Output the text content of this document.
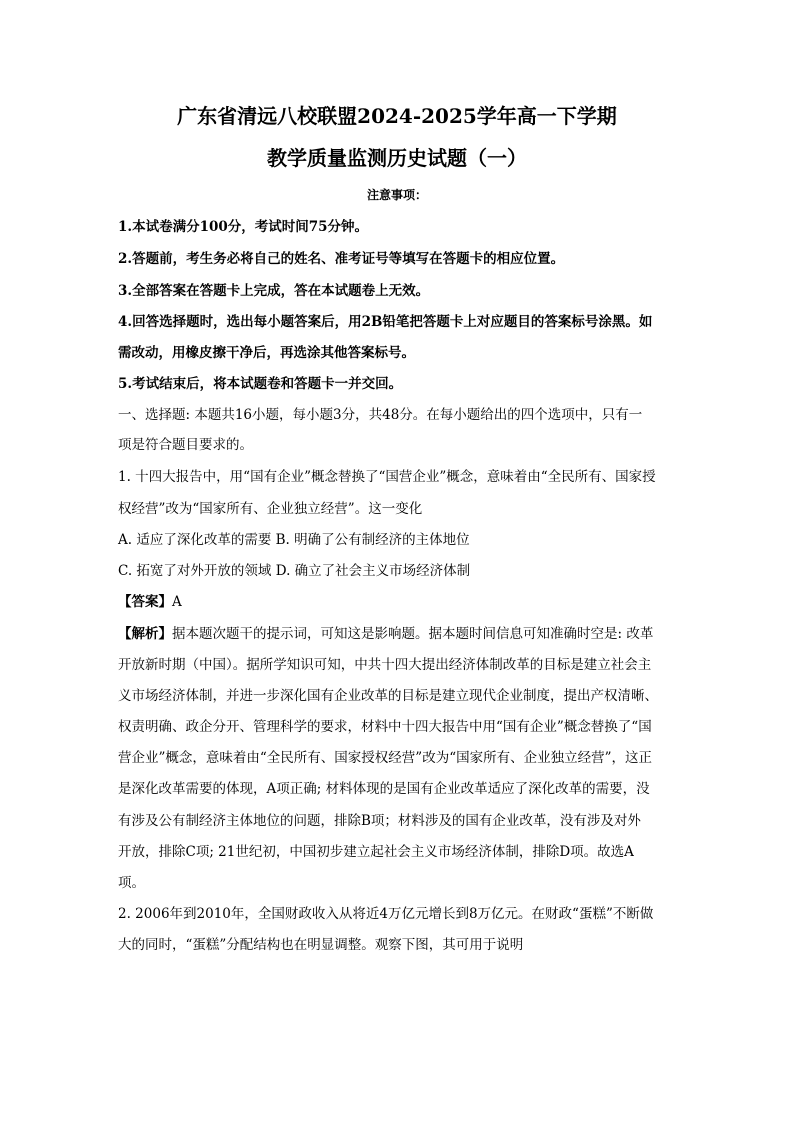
广东省清远八校联盟2024-2025学年高一下学期
教学质量监测历史试题（一）
注意事项：
1.本试卷满分100分，考试时间75分钟。
2.答题前，考生务必将自己的姓名、准考证号等填写在答题卡的相应位置。
3.全部答案在答题卡上完成，答在本试题卷上无效。
4.回答选择题时，选出每小题答案后，用2B铅笔把答题卡上对应题目的答案标号涂黑。如
需改动，用橡皮擦干净后，再选涂其他答案标号。
5.考试结束后，将本试题卷和答题卡一并交回。
一、选择题: 本题共16小题，每小题3分，共48分。在每小题给出的四个选项中，只有一
项是符合题目要求的。
1. 十四大报告中，用“国有企业”概念替换了“国营企业”概念，意味着由“全民所有、国家授
权经营”改为“国家所有、企业独立经营”。这一变化
A. 适应了深化改革的需要 B. 明确了公有制经济的主体地位
C. 拓宽了对外开放的领域 D. 确立了社会主义市场经济体制
【答案】A
【解析】据本题次题干的提示词，可知这是影响题。据本题时间信息可知准确时空是: 改革
开放新时期（中国）。据所学知识可知，中共十四大提出经济体制改革的目标是建立社会主
义市场经济体制，并进一步深化国有企业改革的目标是建立现代企业制度，提出产权清晰、
权责明确、政企分开、管理科学的要求，材料中十四大报告中用“国有企业”概念替换了“国
营企业”概念，意味着由“全民所有、国家授权经营”改为“国家所有、企业独立经营”，这正
是深化改革需要的体现，A项正确; 材料体现的是国有企业改革适应了深化改革的需要，没
有涉及公有制经济主体地位的问题，排除B项；材料涉及的国有企业改革，没有涉及对外
开放，排除C项; 21世纪初，中国初步建立起社会主义市场经济体制，排除D项。故选A
项。
2. 2006年到2010年，全国财政收入从将近4万亿元增长到8万亿元。在财政“蛋糕”不断做
大的同时，“蛋糕”分配结构也在明显调整。观察下图，其可用于说明
